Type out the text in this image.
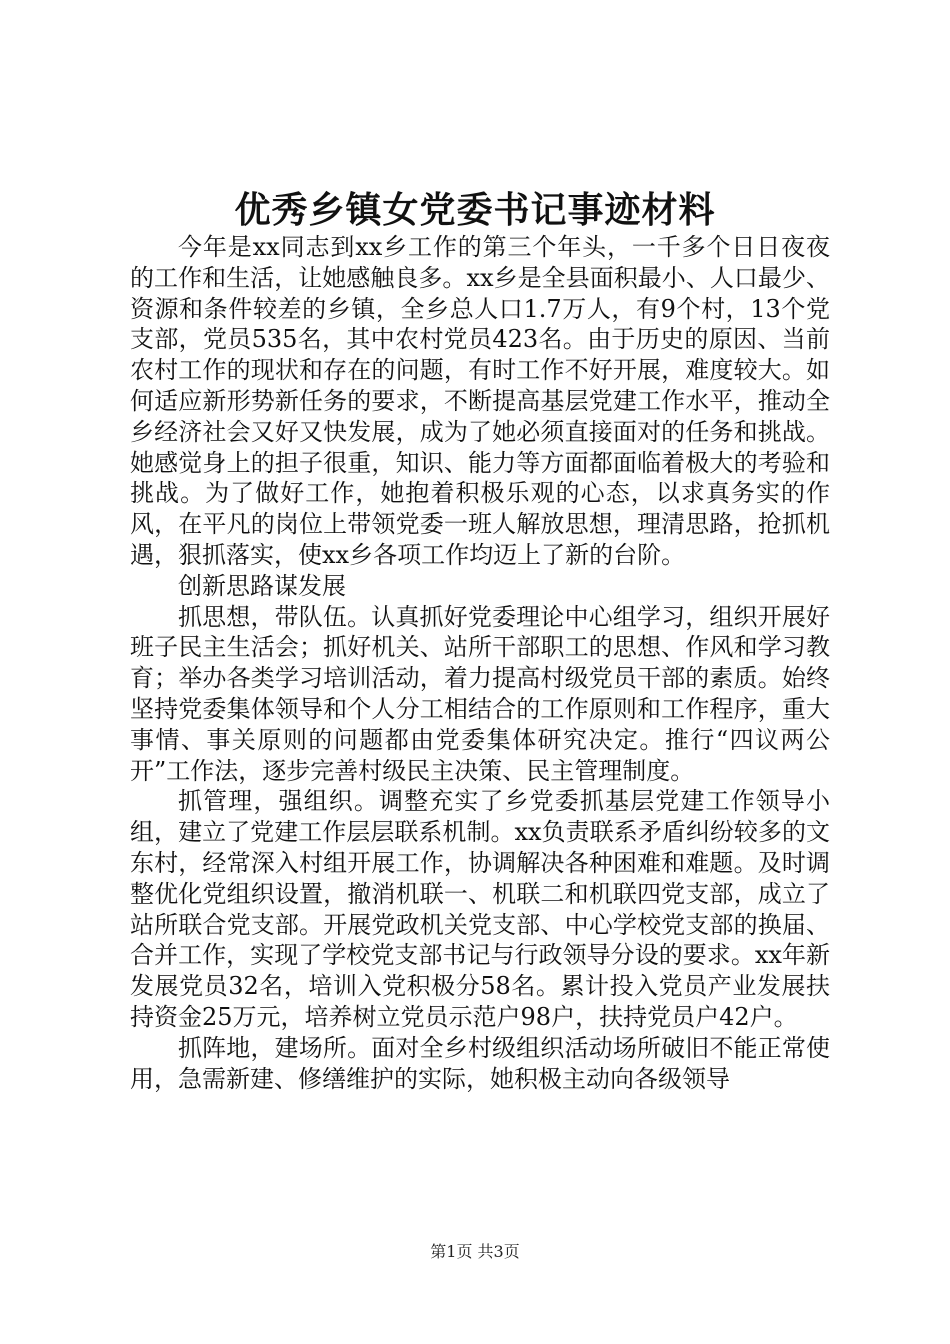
优秀乡镇女党委书记事迹材料

今年是xx同志到xx乡工作的第三个年头，一千多个日日夜夜的工作和生活，让她感触良多。xx乡是全县面积最小、人口最少、资源和条件较差的乡镇，全乡总人口1.7万人，有9个村，13个党支部，党员535名，其中农村党员423名。由于历史的原因、当前农村工作的现状和存在的问题，有时工作不好开展，难度较大。如何适应新形势新任务的要求，不断提高基层党建工作水平，推动全乡经济社会又好又快发展，成为了她必须直接面对的任务和挑战。她感觉身上的担子很重，知识、能力等方面都面临着极大的考验和挑战。为了做好工作，她抱着积极乐观的心态，以求真务实的作风，在平凡的岗位上带领党委一班人解放思想，理清思路，抢抓机遇，狠抓落实，使xx乡各项工作均迈上了新的台阶。

创新思路谋发展

抓思想，带队伍。认真抓好党委理论中心组学习，组织开展好班子民主生活会；抓好机关、站所干部职工的思想、作风和学习教育；举办各类学习培训活动，着力提高村级党员干部的素质。始终坚持党委集体领导和个人分工相结合的工作原则和工作程序，重大事情、事关原则的问题都由党委集体研究决定。推行“四议两公开”工作法，逐步完善村级民主决策、民主管理制度。

抓管理，强组织。调整充实了乡党委抓基层党建工作领导小组，建立了党建工作层层联系机制。xx负责联系矛盾纠纷较多的文东村，经常深入村组开展工作，协调解决各种困难和难题。及时调整优化党组织设置，撤消机联一、机联二和机联四党支部，成立了站所联合党支部。开展党政机关党支部、中心学校党支部的换届、合并工作，实现了学校党支部书记与行政领导分设的要求。xx年新发展党员32名，培训入党积极分58名。累计投入党员产业发展扶持资金25万元，培养树立党员示范户98户，扶持党员户42户。

抓阵地，建场所。面对全乡村级组织活动场所破旧不能正常使用，急需新建、修缮维护的实际，她积极主动向各级领导

第1页 共3页
